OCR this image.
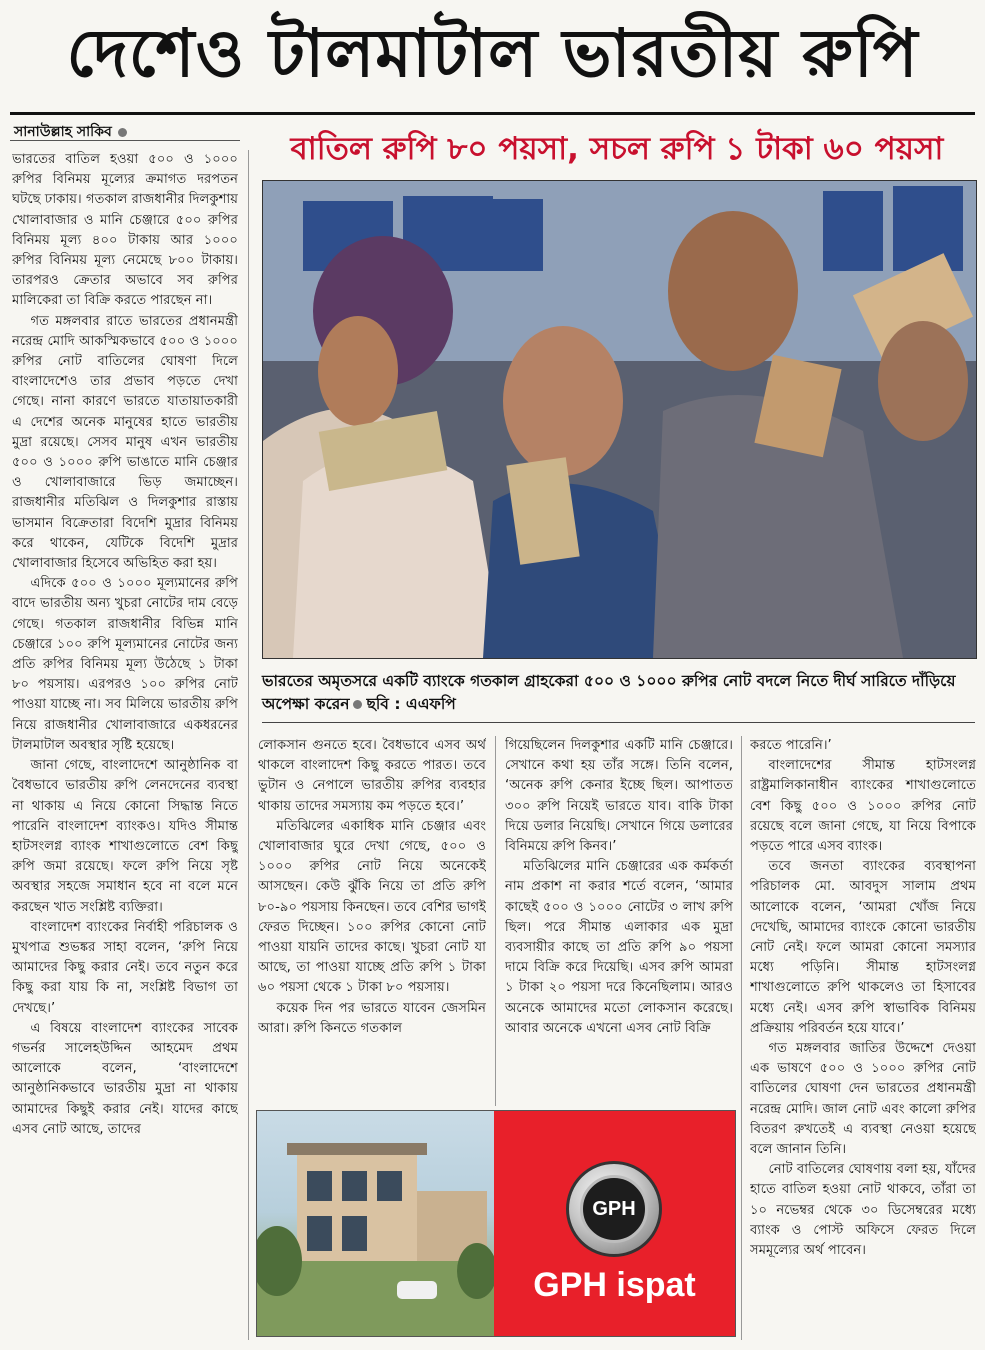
দেশেও টালমাটাল ভারতীয় রুপি
সানাউল্লাহ সাকিব	বাতিল রুপি ৮০ পয়সা, সচল রুপি ১ টাকা ৬০ পয়সা

ভারতের বাতিল হওয়া ৫০০ ও ১০০০ রুপির বিনিময় মূল্যের ক্রমাগত দরপতন ঘটছে ঢাকায়। গতকাল রাজধানীর দিলকুশায় খোলাবাজার ও মানি চেঞ্জারে ৫০০ রুপির বিনিময় মূল্য ৪০০ টাকায় আর ১০০০ রুপির বিনিময় মূল্য নেমেছে ৮০০ টাকায়। তারপরও ক্রেতার অভাবে সব রুপির মালিকেরা তা বিক্রি করতে পারছেন না।

গত মঙ্গলবার রাতে ভারতের প্রধানমন্ত্রী নরেন্দ্র মোদি আকস্মিকভাবে ৫০০ ও ১০০০ রুপির নোট বাতিলের ঘোষণা দিলে বাংলাদেশেও তার প্রভাব পড়তে দেখা গেছে। নানা কারণে ভারতে যাতায়াতকারী এ দেশের অনেক মানুষের হাতে ভারতীয় মুদ্রা রয়েছে। সেসব মানুষ এখন ভারতীয় ৫০০ ও ১০০০ রুপি ভাঙাতে মানি চেঞ্জার ও খোলাবাজারে ভিড় জমাচ্ছেন। রাজধানীর মতিঝিল ও দিলকুশার রাস্তায় ভাসমান বিক্রেতারা বিদেশি মুদ্রার বিনিময় করে থাকেন, যেটিকে বিদেশি মুদ্রার খোলাবাজার হিসেবে অভিহিত করা হয়।

এদিকে ৫০০ ও ১০০০ মূল্যমানের রুপি বাদে ভারতীয় অন্য খুচরা নোটের দাম বেড়ে গেছে। গতকাল রাজধানীর বিভিন্ন মানি চেঞ্জারে ১০০ রুপি মূল্যমানের নোটের জন্য প্রতি রুপির বিনিময় মূল্য উঠেছে ১ টাকা ৮০ পয়সায়। এরপরও ১০০ রুপির নোট পাওয়া যাচ্ছে না। সব মিলিয়ে ভারতীয় রুপি নিয়ে রাজধানীর খোলাবাজারে একধরনের টালমাটাল অবস্থার সৃষ্টি হয়েছে।

জানা গেছে, বাংলাদেশে আনুষ্ঠানিক বা বৈধভাবে ভারতীয় রুপি লেনদেনের ব্যবস্থা না থাকায় এ নিয়ে কোনো সিদ্ধান্ত নিতে পারেনি বাংলাদেশ ব্যাংকও। যদিও সীমান্ত হাটসংলগ্ন ব্যাংক শাখাগুলোতে বেশ কিছু রুপি জমা রয়েছে। ফলে রুপি নিয়ে সৃষ্ট অবস্থার সহজে সমাধান হবে না বলে মনে করছেন খাত সংশ্লিষ্ট ব্যক্তিরা।

বাংলাদেশ ব্যাংকের নির্বাহী পরিচালক ও মুখপাত্র শুভঙ্কর সাহা বলেন, ‘রুপি নিয়ে আমাদের কিছু করার নেই। তবে নতুন করে কিছু করা যায় কি না, সংশ্লিষ্ট বিভাগ তা দেখছে।’

এ বিষয়ে বাংলাদেশ ব্যাংকের সাবেক গভর্নর সালেহউদ্দিন আহমেদ প্রথম আলোকে বলেন, ‘বাংলাদেশে আনুষ্ঠানিকভাবে ভারতীয় মুদ্রা না থাকায় আমাদের কিছুই করার নেই। যাদের কাছে এসব নোট আছে, তাদের

ভারতের অমৃতসরে একটি ব্যাংকে গতকাল গ্রাহকেরা ৫০০ ও ১০০০ রুপির নোট বদলে নিতে দীর্ঘ সারিতে দাঁড়িয়ে অপেক্ষা করেন ছবি : এএফপি

লোকসান গুনতে হবে। বৈধভাবে এসব অর্থ থাকলে বাংলাদেশ কিছু করতে পারত। তবে ভুটান ও নেপালে ভারতীয় রুপির ব্যবহার থাকায় তাদের সমস্যায় কম পড়তে হবে।’

মতিঝিলের একাধিক মানি চেঞ্জার এবং খোলাবাজার ঘুরে দেখা গেছে, ৫০০ ও ১০০০ রুপির নোট নিয়ে অনেকেই আসছেন। কেউ ঝুঁকি নিয়ে তা প্রতি রুপি ৮০-৯০ পয়সায় কিনছেন। তবে বেশির ভাগই ফেরত দিচ্ছেন। ১০০ রুপির কোনো নোট পাওয়া যায়নি তাদের কাছে। খুচরা নোট যা আছে, তা পাওয়া যাচ্ছে প্রতি রুপি ১ টাকা ৬০ পয়সা থেকে ১ টাকা ৮০ পয়সায়।

কয়েক দিন পর ভারতে যাবেন জেসমিন আরা। রুপি কিনতে গতকাল

গিয়েছিলেন দিলকুশার একটি মানি চেঞ্জারে। সেখানে কথা হয় তাঁর সঙ্গে। তিনি বলেন, ‘অনেক রুপি কেনার ইচ্ছে ছিল। আপাতত ৩০০ রুপি নিয়েই ভারতে যাব। বাকি টাকা দিয়ে ডলার নিয়েছি। সেখানে গিয়ে ডলারের বিনিময়ে রুপি কিনব।’

মতিঝিলের মানি চেঞ্জারের এক কর্মকর্তা নাম প্রকাশ না করার শর্তে বলেন, ‘আমার কাছেই ৫০০ ও ১০০০ নোটের ৩ লাখ রুপি ছিল। পরে সীমান্ত এলাকার এক মুদ্রা ব্যবসায়ীর কাছে তা প্রতি রুপি ৯০ পয়সা দামে বিক্রি করে দিয়েছি। এসব রুপি আমরা ১ টাকা ২০ পয়সা দরে কিনেছিলাম। আরও অনেকে আমাদের মতো লোকসান করেছে। আবার অনেকে এখনো এসব নোট বিক্রি

করতে পারেনি।’

বাংলাদেশের সীমান্ত হাটসংলগ্ন রাষ্ট্রমালিকানাধীন ব্যাংকের শাখাগুলোতে বেশ কিছু ৫০০ ও ১০০০ রুপির নোট রয়েছে বলে জানা গেছে, যা নিয়ে বিপাকে পড়তে পারে এসব ব্যাংক।

তবে জনতা ব্যাংকের ব্যবস্থাপনা পরিচালক মো. আবদুস সালাম প্রথম আলোকে বলেন, ‘আমরা খোঁজ নিয়ে দেখেছি, আমাদের ব্যাংকে কোনো ভারতীয় নোট নেই। ফলে আমরা কোনো সমস্যার মধ্যে পড়িনি। সীমান্ত হাটসংলগ্ন শাখাগুলোতে রুপি থাকলেও তা হিসাবের মধ্যে নেই। এসব রুপি স্বাভাবিক বিনিময় প্রক্রিয়ায় পরিবর্তন হয়ে যাবে।’

গত মঙ্গলবার জাতির উদ্দেশে দেওয়া এক ভাষণে ৫০০ ও ১০০০ রুপির নোট বাতিলের ঘোষণা দেন ভারতের প্রধানমন্ত্রী নরেন্দ্র মোদি। জাল নোট এবং কালো রুপির বিতরণ রুখতেই এ ব্যবস্থা নেওয়া হয়েছে বলে জানান তিনি।

নোট বাতিলের ঘোষণায় বলা হয়, যাঁদের হাতে বাতিল হওয়া নোট থাকবে, তাঁরা তা ১০ নভেম্বর থেকে ৩০ ডিসেম্বরের মধ্যে ব্যাংক ও পোস্ট অফিসে ফেরত দিলে সমমূল্যের অর্থ পাবেন।

GPH
GPH ispat
